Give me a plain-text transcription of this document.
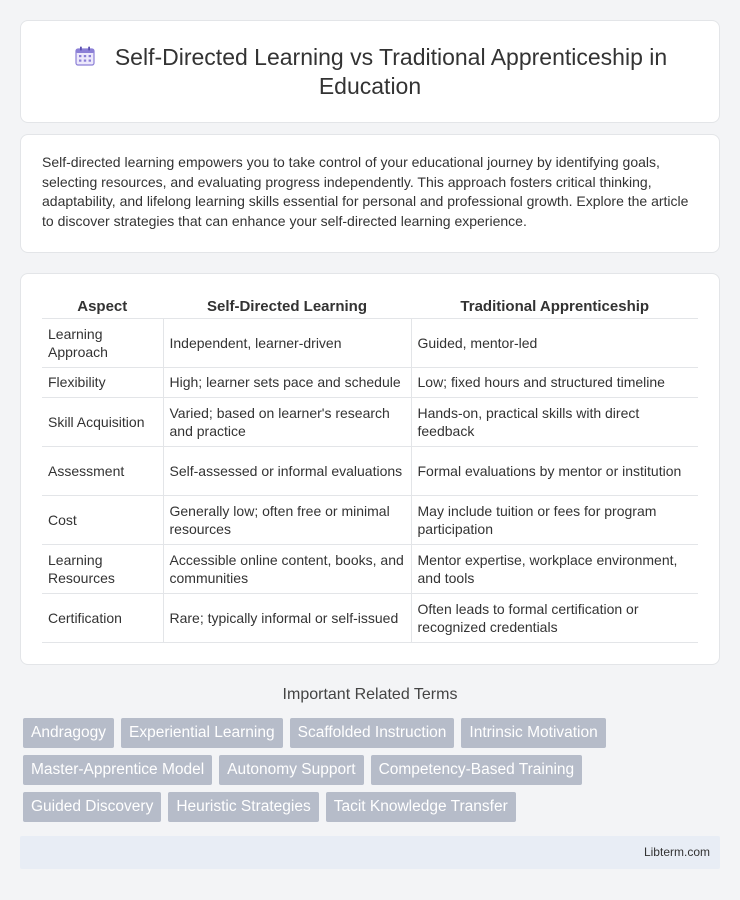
Self-Directed Learning vs Traditional Apprenticeship in Education

Self-directed learning empowers you to take control of your educational journey by identifying goals, selecting resources, and evaluating progress independently. This approach fosters critical thinking, adaptability, and lifelong learning skills essential for personal and professional growth. Explore the article to discover strategies that can enhance your self-directed learning experience.

Aspect	Self-Directed Learning	Traditional Apprenticeship
Learning Approach	Independent, learner-driven	Guided, mentor-led
Flexibility	High; learner sets pace and schedule	Low; fixed hours and structured timeline
Skill Acquisition	Varied; based on learner's research and practice	Hands-on, practical skills with direct feedback
Assessment	Self-assessed or informal evaluations	Formal evaluations by mentor or institution
Cost	Generally low; often free or minimal resources	May include tuition or fees for program participation
Learning Resources	Accessible online content, books, and communities	Mentor expertise, workplace environment, and tools
Certification	Rare; typically informal or self-issued	Often leads to formal certification or recognized credentials
Important Related Terms
Andragogy	Experiential Learning	Scaffolded Instruction	Intrinsic Motivation
Master-Apprentice Model	Autonomy Support	Competency-Based Training
Guided Discovery	Heuristic Strategies	Tacit Knowledge Transfer
Libterm.com
